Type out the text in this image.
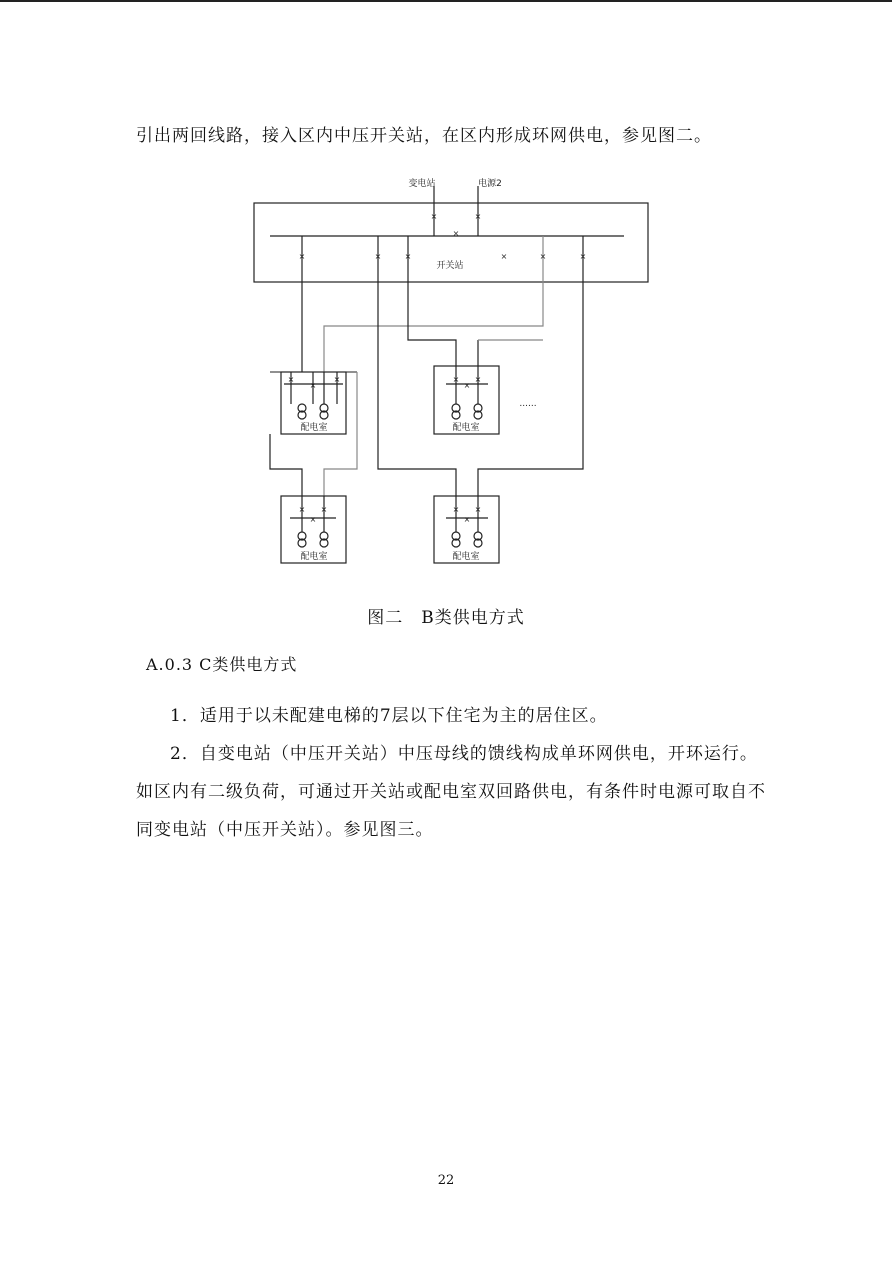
引出两回线路，接入区内中压开关站，在区内形成环网供电，参见图二。
×	×
×
×	×	×	×	×	×
×
×
×	×
×
×
×
×
×	×
×
×
变电站	电源2
开关站
配电室	配电室
配电室	配电室
......
图二　B类供电方式
A.0.3 C类供电方式
1．适用于以未配建电梯的7层以下住宅为主的居住区。
2．自变电站（中压开关站）中压母线的馈线构成单环网供电，开环运行。
如区内有二级负荷，可通过开关站或配电室双回路供电，有条件时电源可取自不
同变电站（中压开关站）。参见图三。
22
